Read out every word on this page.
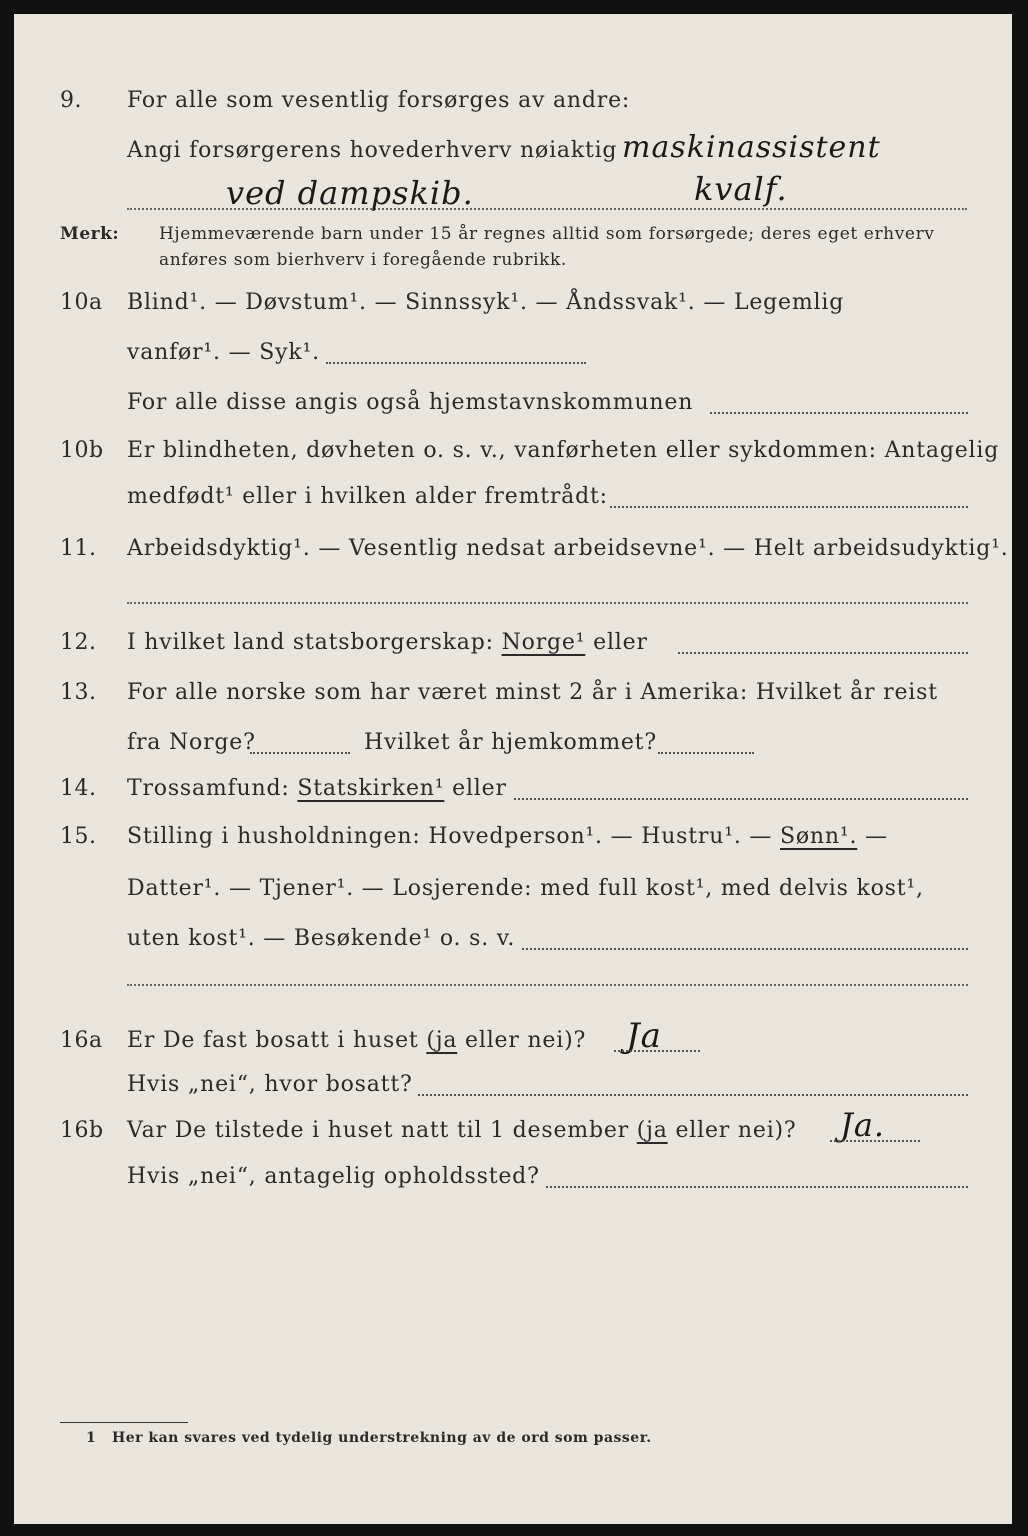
9. For alle som vesentlig forsørges av andre:
Angi forsørgerens hovederhverv nøiaktig maskinassistent
ved dampskib.	kvalf.
Merk: Hjemmeværende barn under 15 år regnes alltid som forsørgede; deres eget erhverv
anføres som bierhverv i foregående rubrikk.
10a Blind¹. — Døvstum¹. — Sinnssyk¹. — Åndssvak¹. — Legemlig
vanfør¹. — Syk¹.
For alle disse angis også hjemstavnskommunen
10b Er blindheten, døvheten o. s. v., vanførheten eller sykdommen: Antagelig
medfødt¹ eller i hvilken alder fremtrådt:
11. Arbeidsdyktig¹. — Vesentlig nedsat arbeidsevne¹. — Helt arbeidsudyktig¹.
12. I hvilket land statsborgerskap: Norge¹ eller
13. For alle norske som har været minst 2 år i Amerika: Hvilket år reist
fra Norge?	Hvilket år hjemkommet?
14. Trossamfund: Statskirken¹ eller
15. Stilling i husholdningen: Hovedperson¹. — Hustru¹. — Sønn¹. —
Datter¹. — Tjener¹. — Losjerende: med full kost¹, med delvis kost¹,
uten kost¹. — Besøkende¹ o. s. v.
16a Er De fast bosatt i huset (ja eller nei)? Ja
Hvis „nei“, hvor bosatt?
16b Var De tilstede i huset natt til 1 desember (ja eller nei)? Ja.
Hvis „nei“, antagelig opholdssted?
1 Her kan svares ved tydelig understrekning av de ord som passer.
